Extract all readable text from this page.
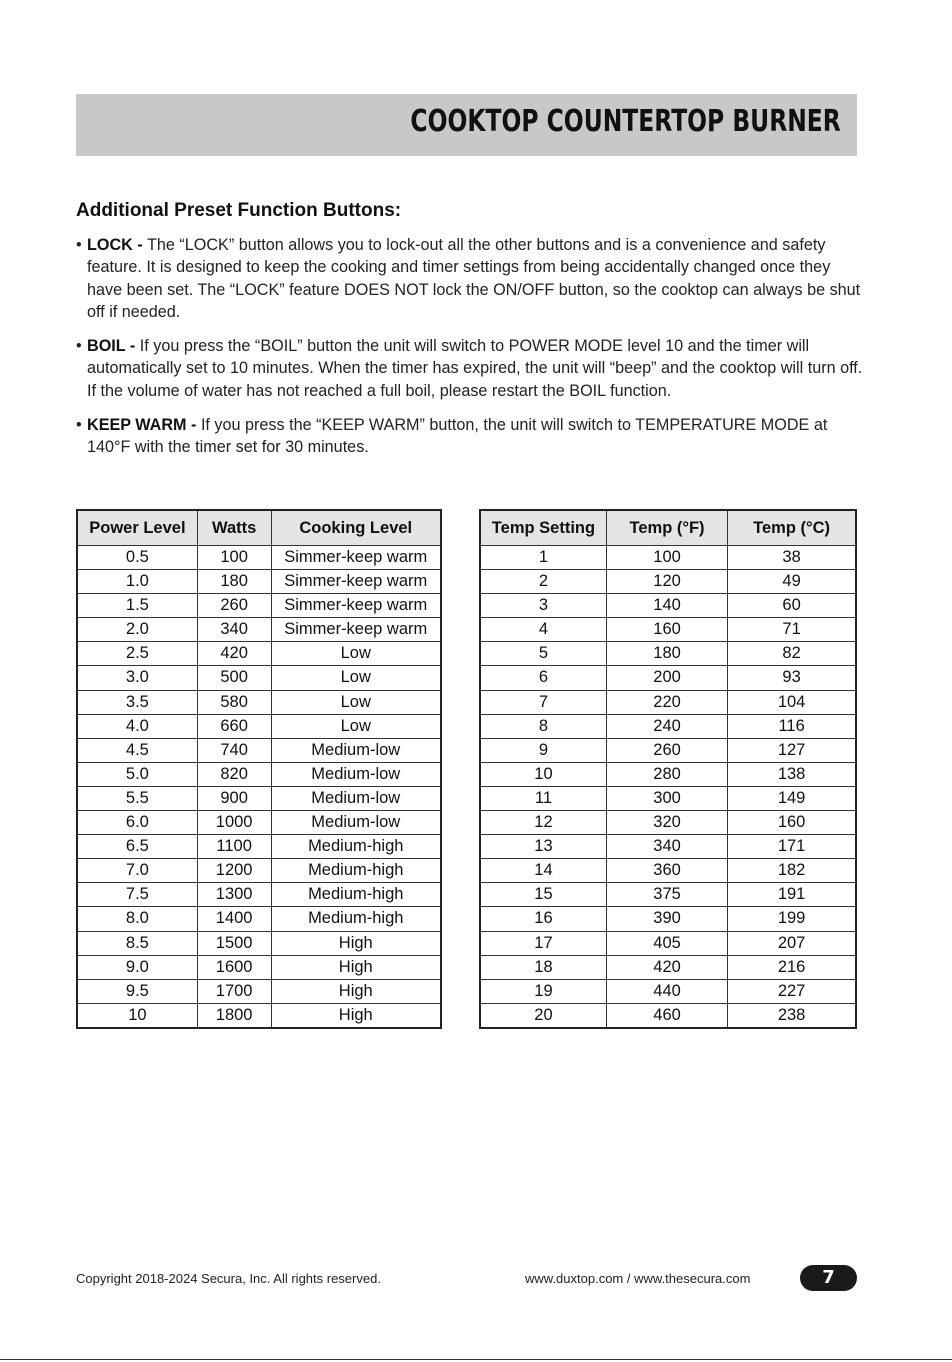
COOKTOP COUNTERTOP BURNER
Additional Preset Function Buttons:
• LOCK - The “LOCK” button allows you to lock-out all the other buttons and is a convenience and safety feature. It is designed to keep the cooking and timer settings from being accidentally changed once they have been set. The “LOCK” feature DOES NOT lock the ON/OFF button, so the cooktop can always be shut off if needed.
• BOIL - If you press the “BOIL” button the unit will switch to POWER MODE level 10 and the timer will automatically set to 10 minutes. When the timer has expired, the unit will “beep” and the cooktop will turn off. If the volume of water has not reached a full boil, please restart the BOIL function.
• KEEP WARM - If you press the “KEEP WARM” button, the unit will switch to TEMPERATURE MODE at 140°F with the timer set for 30 minutes.
Power Level	Watts	Cooking Level
0.5	100	Simmer-keep warm
1.0	180	Simmer-keep warm
1.5	260	Simmer-keep warm
2.0	340	Simmer-keep warm
2.5	420	Low
3.0	500	Low
3.5	580	Low
4.0	660	Low
4.5	740	Medium-low
5.0	820	Medium-low
5.5	900	Medium-low
6.0	1000	Medium-low
6.5	1100	Medium-high
7.0	1200	Medium-high
7.5	1300	Medium-high
8.0	1400	Medium-high
8.5	1500	High
9.0	1600	High
9.5	1700	High
10	1800	High
Temp Setting	Temp (°F)	Temp (°C)
1	100	38
2	120	49
3	140	60
4	160	71
5	180	82
6	200	93
7	220	104
8	240	116
9	260	127
10	280	138
11	300	149
12	320	160
13	340	171
14	360	182
15	375	191
16	390	199
17	405	207
18	420	216
19	440	227
20	460	238
Copyright 2018-2024 Secura, Inc. All rights reserved.	www.duxtop.com / www.thesecura.com	7
